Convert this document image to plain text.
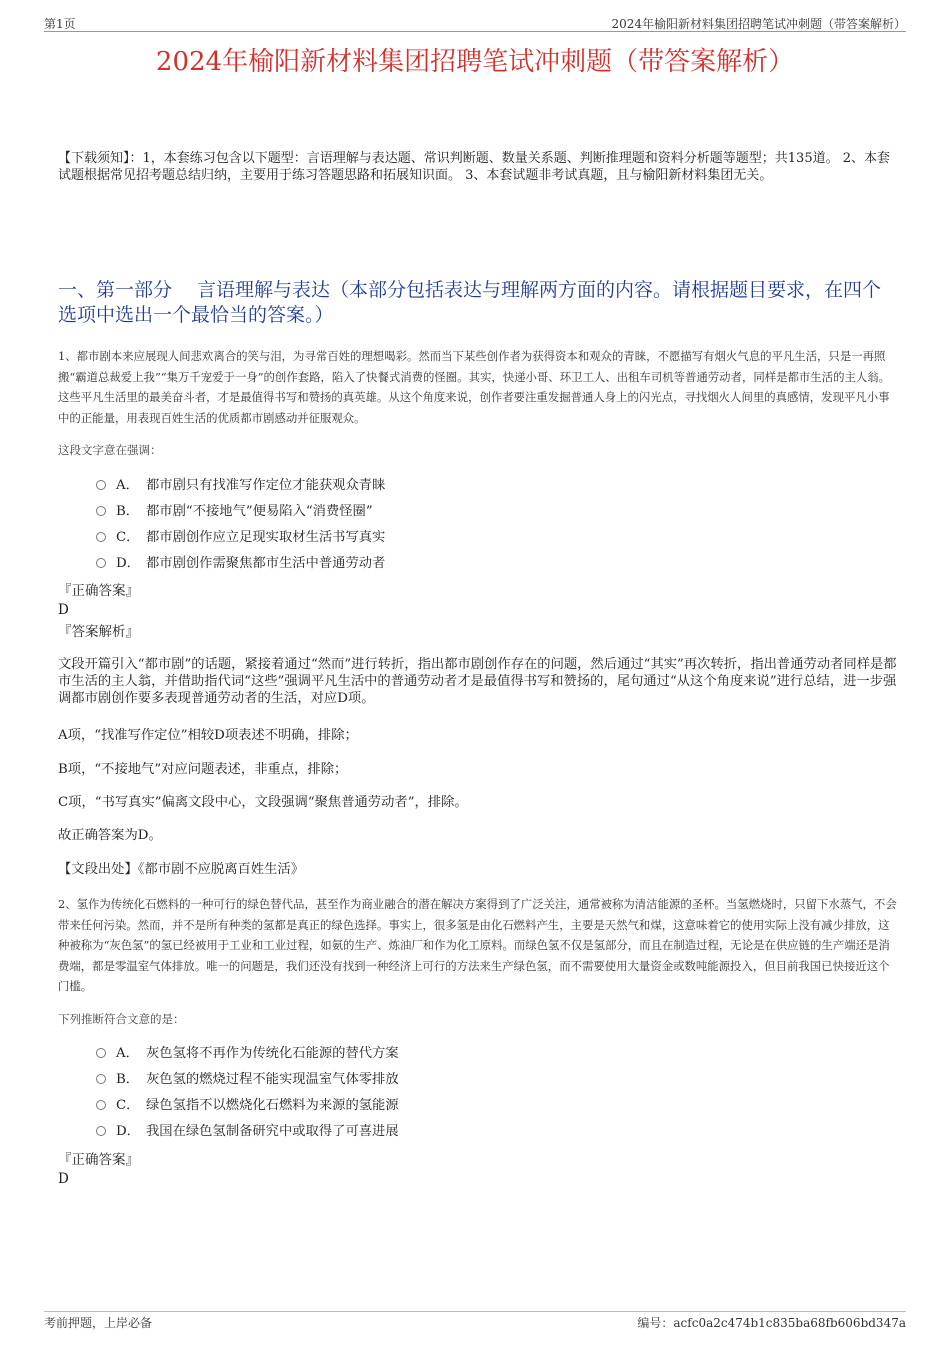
第1页	2024年榆阳新材料集团招聘笔试冲刺题（带答案解析）
2024年榆阳新材料集团招聘笔试冲刺题（带答案解析）
【下载须知】：1，本套练习包含以下题型：言语理解与表达题、常识判断题、数量关系题、判断推理题和资料分析题等题型；共135道。 2、本套试题根据常见招考题总结归纳，主要用于练习答题思路和拓展知识面。 3、本套试题非考试真题，且与榆阳新材料集团无关。
一、第一部分　 言语理解与表达（本部分包括表达与理解两方面的内容。请根据题目要求，在四个选项中选出一个最恰当的答案。）
1、都市剧本来应展现人间悲欢离合的笑与泪，为寻常百姓的理想喝彩。然而当下某些创作者为获得资本和观众的青睐，不愿描写有烟火气息的平凡生活，只是一再照搬“霸道总裁爱上我”“集万千宠爱于一身”的创作套路，陷入了快餐式消费的怪圈。其实，快递小哥、环卫工人、出租车司机等普通劳动者，同样是都市生活的主人翁。这些平凡生活里的最美奋斗者，才是最值得书写和赞扬的真英雄。从这个角度来说，创作者要注重发掘普通人身上的闪光点，寻找烟火人间里的真感情，发现平凡小事中的正能量，用表现百姓生活的优质都市剧感动并征服观众。
这段文字意在强调：
A． 都市剧只有找准写作定位才能获观众青睐
B． 都市剧“不接地气”便易陷入“消费怪圈”
C． 都市剧创作应立足现实取材生活书写真实
D． 都市剧创作需聚焦都市生活中普通劳动者
『正确答案』
D
『答案解析』
文段开篇引入“都市剧”的话题，紧接着通过“然而”进行转折，指出都市剧创作存在的问题，然后通过“其实”再次转折，指出普通劳动者同样是都市生活的主人翁，并借助指代词“这些”强调平凡生活中的普通劳动者才是最值得书写和赞扬的，尾句通过“从这个角度来说”进行总结，进一步强调都市剧创作要多表现普通劳动者的生活，对应D项。
A项，“找准写作定位”相较D项表述不明确，排除；
B项，“不接地气”对应问题表述，非重点，排除；
C项，“书写真实”偏离文段中心，文段强调“聚焦普通劳动者”，排除。
故正确答案为D。
【文段出处】《都市剧不应脱离百姓生活》
2、氢作为传统化石燃料的一种可行的绿色替代品，甚至作为商业融合的潜在解决方案得到了广泛关注，通常被称为清洁能源的圣杯。当氢燃烧时，只留下水蒸气，不会带来任何污染。然而，并不是所有种类的氢都是真正的绿色选择。事实上，很多氢是由化石燃料产生，主要是天然气和煤，这意味着它的使用实际上没有减少排放，这种被称为“灰色氢”的氢已经被用于工业和工业过程，如氨的生产、炼油厂和作为化工原料。而绿色氢不仅是氢部分，而且在制造过程，无论是在供应链的生产端还是消费端，都是零温室气体排放。唯一的问题是，我们还没有找到一种经济上可行的方法来生产绿色氢，而不需要使用大量资金或数吨能源投入，但目前我国已快接近这个门槛。
下列推断符合文意的是：
A． 灰色氢将不再作为传统化石能源的替代方案
B． 灰色氢的燃烧过程不能实现温室气体零排放
C． 绿色氢指不以燃烧化石燃料为来源的氢能源
D． 我国在绿色氢制备研究中或取得了可喜进展
『正确答案』
D
考前押题，上岸必备	编号：acfc0a2c474b1c835ba68fb606bd347a
